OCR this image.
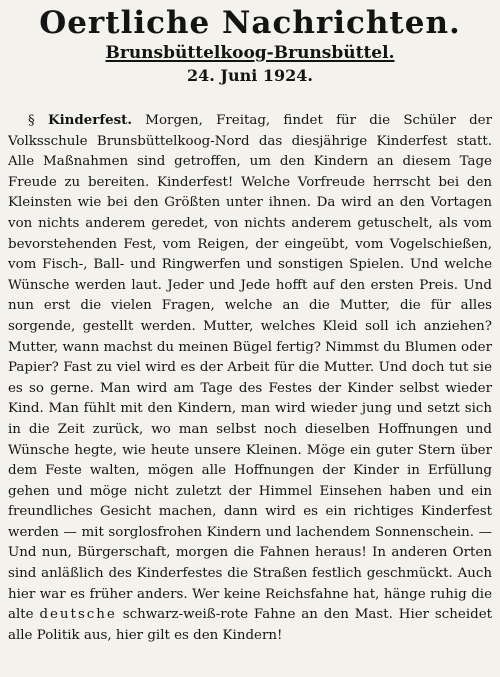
Oertliche Nachrichten.
Brunsbüttelkoog-Brunsbüttel.
24. Juni 1924.

§ Kinderfest. Morgen, Freitag, findet für die Schüler der Volksschule Brunsbüttelkoog-Nord das diesjährige Kinderfest statt. Alle Maßnahmen sind getroffen, um den Kindern an diesem Tage Freude zu bereiten. Kinderfest! Welche Vorfreude herrscht bei den Kleinsten wie bei den Größten unter ihnen. Da wird an den Vortagen von nichts anderem geredet, von nichts anderem getuschelt, als vom bevorstehenden Fest, vom Reigen, der eingeübt, vom Vogelschießen, vom Fisch-, Ball- und Ringwerfen und sonstigen Spielen. Und welche Wünsche werden laut. Jeder und Jede hofft auf den ersten Preis. Und nun erst die vielen Fragen, welche an die Mutter, die für alles sorgende, gestellt werden. Mutter, welches Kleid soll ich anziehen? Mutter, wann machst du meinen Bügel fertig? Nimmst du Blumen oder Papier? Fast zu viel wird es der Arbeit für die Mutter. Und doch tut sie es so gerne. Man wird am Tage des Festes der Kinder selbst wieder Kind. Man fühlt mit den Kindern, man wird wieder jung und setzt sich in die Zeit zurück, wo man selbst noch dieselben Hoffnungen und Wünsche hegte, wie heute unsere Kleinen. Möge ein guter Stern über dem Feste walten, mögen alle Hoffnungen der Kinder in Erfüllung gehen und möge nicht zuletzt der Himmel Einsehen haben und ein freundliches Gesicht machen, dann wird es ein richtiges Kinderfest werden — mit sorglosfrohen Kindern und lachendem Sonnenschein. — Und nun, Bürgerschaft, morgen die Fahnen heraus! In anderen Orten sind anläßlich des Kinderfestes die Straßen festlich geschmückt. Auch hier war es früher anders. Wer keine Reichsfahne hat, hänge ruhig die alte deutsche schwarz-weiß-rote Fahne an den Mast. Hier scheidet alle Politik aus, hier gilt es den Kindern!
